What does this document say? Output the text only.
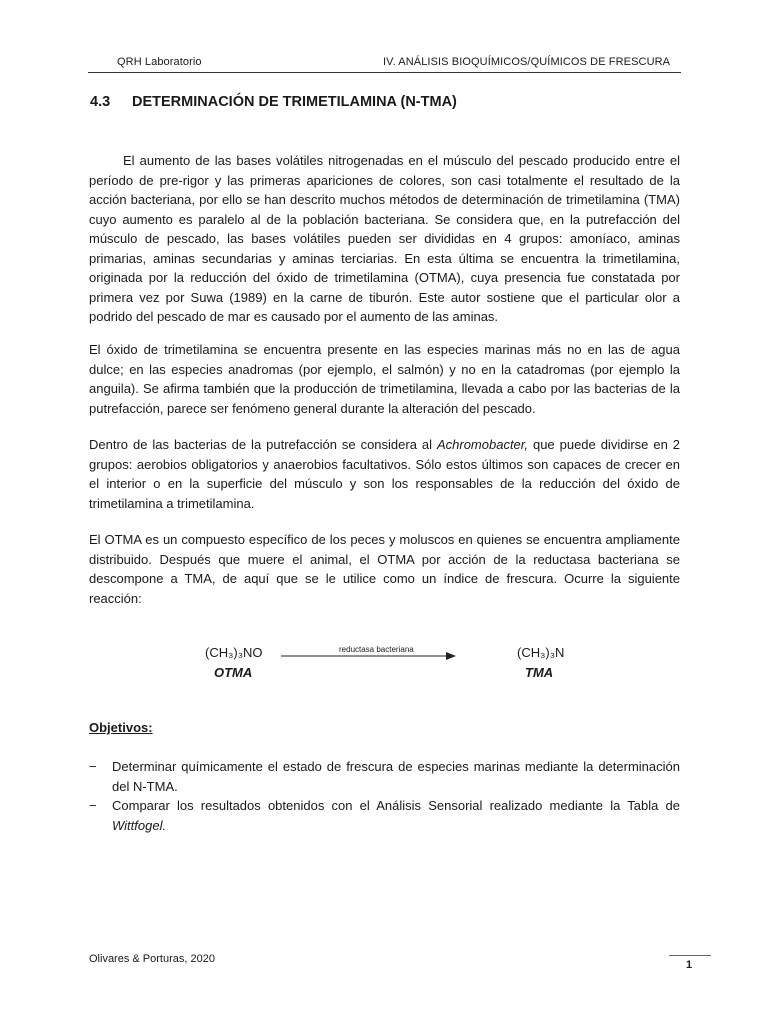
QRH Laboratorio	IV. ANÁLISIS BIOQUÍMICOS/QUÍMICOS DE FRESCURA
4.3 DETERMINACIÓN DE TRIMETILAMINA (N-TMA)

El aumento de las bases volátiles nitrogenadas en el músculo del pescado producido entre el período de pre-rigor y las primeras apariciones de colores, son casi totalmente el resultado de la acción bacteriana, por ello se han descrito muchos métodos de determinación de trimetilamina (TMA) cuyo aumento es paralelo al de la población bacteriana. Se considera que, en la putrefacción del músculo de pescado, las bases volátiles pueden ser divididas en 4 grupos: amoníaco, aminas primarias, aminas secundarias y aminas terciarias. En esta última se encuentra la trimetilamina, originada por la reducción del óxido de trimetilamina (OTMA), cuya presencia fue constatada por primera vez por Suwa (1989) en la carne de tiburón. Este autor sostiene que el particular olor a podrido del pescado de mar es causado por el aumento de las aminas.

El óxido de trimetilamina se encuentra presente en las especies marinas más no en las de agua dulce; en las especies anadromas (por ejemplo, el salmón) y no en la catadromas (por ejemplo la anguila). Se afirma también que la producción de trimetilamina, llevada a cabo por las bacterias de la putrefacción, parece ser fenómeno general durante la alteración del pescado.

Dentro de las bacterias de la putrefacción se considera al Achromobacter, que puede dividirse en 2 grupos: aerobios obligatorios y anaerobios facultativos. Sólo estos últimos son capaces de crecer en el interior o en la superficie del músculo y son los responsables de la reducción del óxido de trimetilamina a trimetilamina.

El OTMA es un compuesto específico de los peces y moluscos en quienes se encuentra ampliamente distribuido. Después que muere el animal, el OTMA por acción de la reductasa bacteriana se descompone a TMA, de aquí que se le utilice como un índice de frescura. Ocurre la siguiente reacción:

(CH₃)₃NO	reductasa bacteriana	(CH₃)₃N
OTMA	TMA
Objetivos:
− Determinar químicamente el estado de frescura de especies marinas mediante la determinación del N-TMA.
− Comparar los resultados obtenidos con el Análisis Sensorial realizado mediante la Tabla de Wittfogel.
Olivares & Porturas, 2020	1
